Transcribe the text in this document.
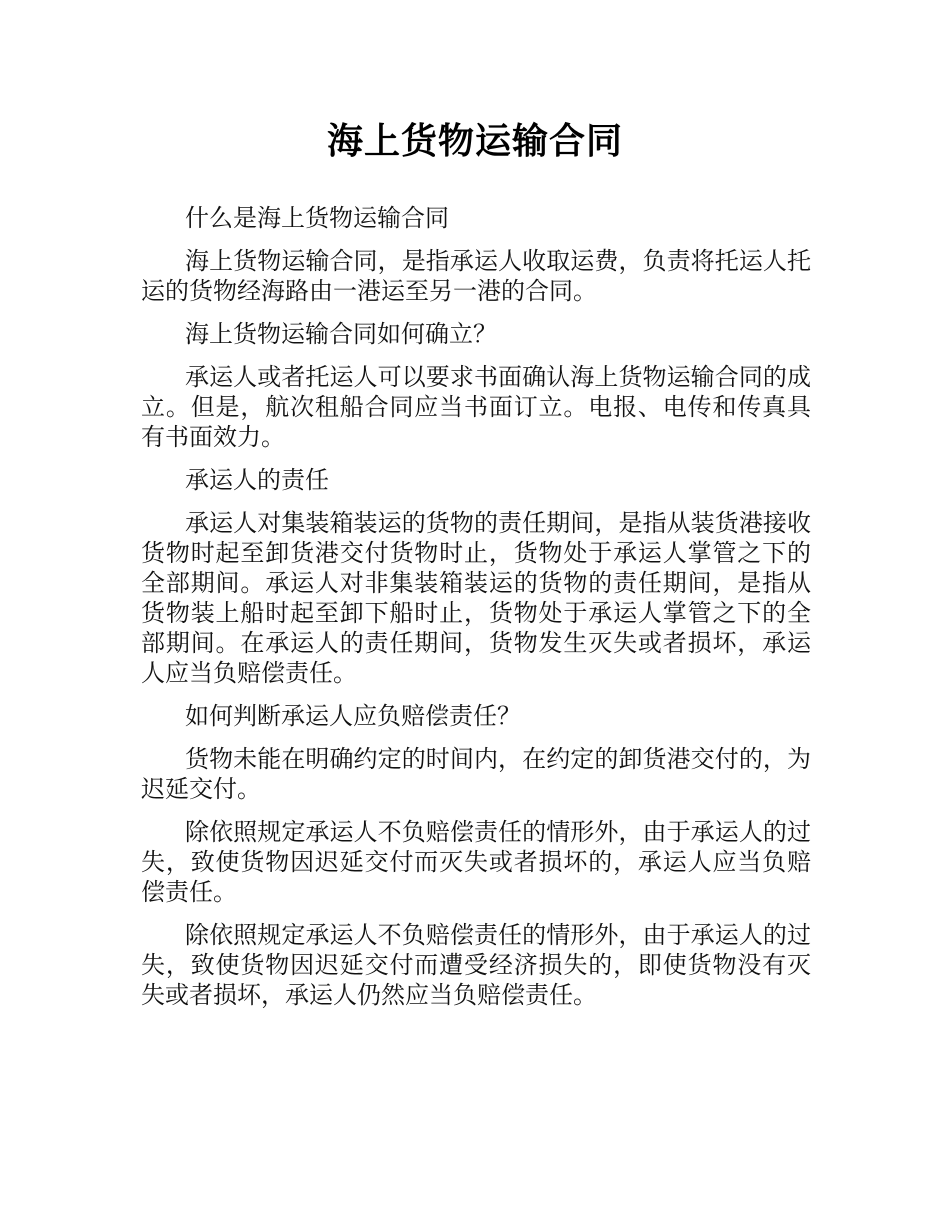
海上货物运输合同

什么是海上货物运输合同

海上货物运输合同，是指承运人收取运费，负责将托运人托运的货物经海路由一港运至另一港的合同。

海上货物运输合同如何确立？

承运人或者托运人可以要求书面确认海上货物运输合同的成立。但是，航次租船合同应当书面订立。电报、电传和传真具有书面效力。

承运人的责任

承运人对集装箱装运的货物的责任期间，是指从装货港接收货物时起至卸货港交付货物时止，货物处于承运人掌管之下的全部期间。承运人对非集装箱装运的货物的责任期间，是指从货物装上船时起至卸下船时止，货物处于承运人掌管之下的全部期间。在承运人的责任期间，货物发生灭失或者损坏，承运人应当负赔偿责任。

如何判断承运人应负赔偿责任？

货物未能在明确约定的时间内，在约定的卸货港交付的，为迟延交付。

除依照规定承运人不负赔偿责任的情形外，由于承运人的过失，致使货物因迟延交付而灭失或者损坏的，承运人应当负赔偿责任。

除依照规定承运人不负赔偿责任的情形外，由于承运人的过失，致使货物因迟延交付而遭受经济损失的，即使货物没有灭失或者损坏，承运人仍然应当负赔偿责任。
